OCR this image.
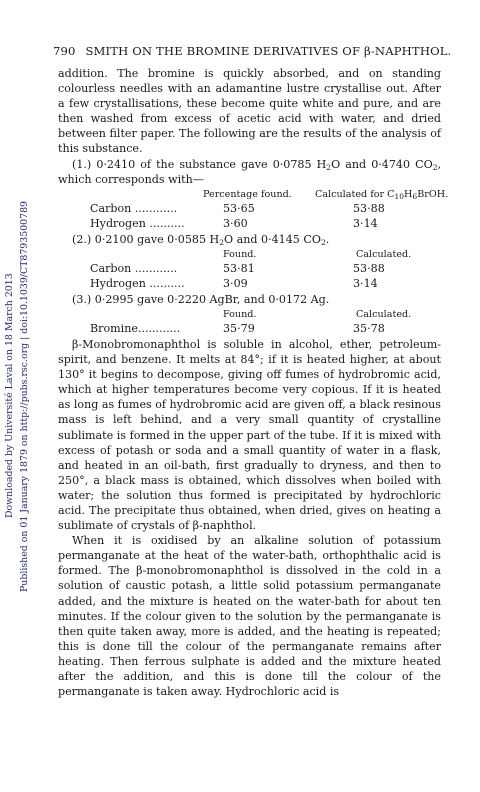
Downloaded by Université Laval on 18 March 2013 Published on 01 January 1879 on http://pubs.rsc.org | doi:10.1039/CT8793500789
790 SMITH ON THE BROMINE DERIVATIVES OF β-NAPHTHOL.

addition. The bromine is quickly absorbed, and on standing colourless needles with an adamantine lustre crystallise out. After a few crystallisations, these become quite white and pure, and are then washed from excess of acetic acid with water, and dried between filter paper. The following are the results of the analysis of this substance.

(1.) 0·2410 of the substance gave 0·0785 $H_2O$ and 0·4740 $CO_2$, which corresponds with—

Percentage found. Calculated for $C_{10}H_6BrOH$.
Carbon ............	53·65	53·88
Hydrogen ..........	3·60	3·14

(2.) 0·2100 gave 0·0585 $H_2O$ and 0·4145 $CO_2$.

Found.	Calculated.
Carbon ............	53·81	53·88
Hydrogen ..........	3·09	3·14

(3.) 0·2995 gave 0·2220 AgBr, and 0·0172 Ag.

Found.	Calculated.
Bromine............	35·79	35·78

β-Monobromonaphthol is soluble in alcohol, ether, petroleum-spirit, and benzene. It melts at 84°; if it is heated higher, at about 130° it begins to decompose, giving off fumes of hydrobromic acid, which at higher temperatures become very copious. If it is heated as long as fumes of hydrobromic acid are given off, a black resinous mass is left behind, and a very small quantity of crystalline sublimate is formed in the upper part of the tube. If it is mixed with excess of potash or soda and a small quantity of water in a flask, and heated in an oil-bath, first gradually to dryness, and then to 250°, a black mass is obtained, which dissolves when boiled with water; the solution thus formed is precipitated by hydrochloric acid. The precipitate thus obtained, when dried, gives on heating a sublimate of crystals of β-naphthol.

When it is oxidised by an alkaline solution of potassium permanganate at the heat of the water-bath, orthophthalic acid is formed. The β-monobromonaphthol is dissolved in the cold in a solution of caustic potash, a little solid potassium permanganate added, and the mixture is heated on the water-bath for about ten minutes. If the colour given to the solution by the permanganate is then quite taken away, more is added, and the heating is repeated; this is done till the colour of the permanganate remains after heating. Then ferrous sulphate is added and the mixture heated after the addition, and this is done till the colour of the permanganate is taken away. Hydrochloric acid is
